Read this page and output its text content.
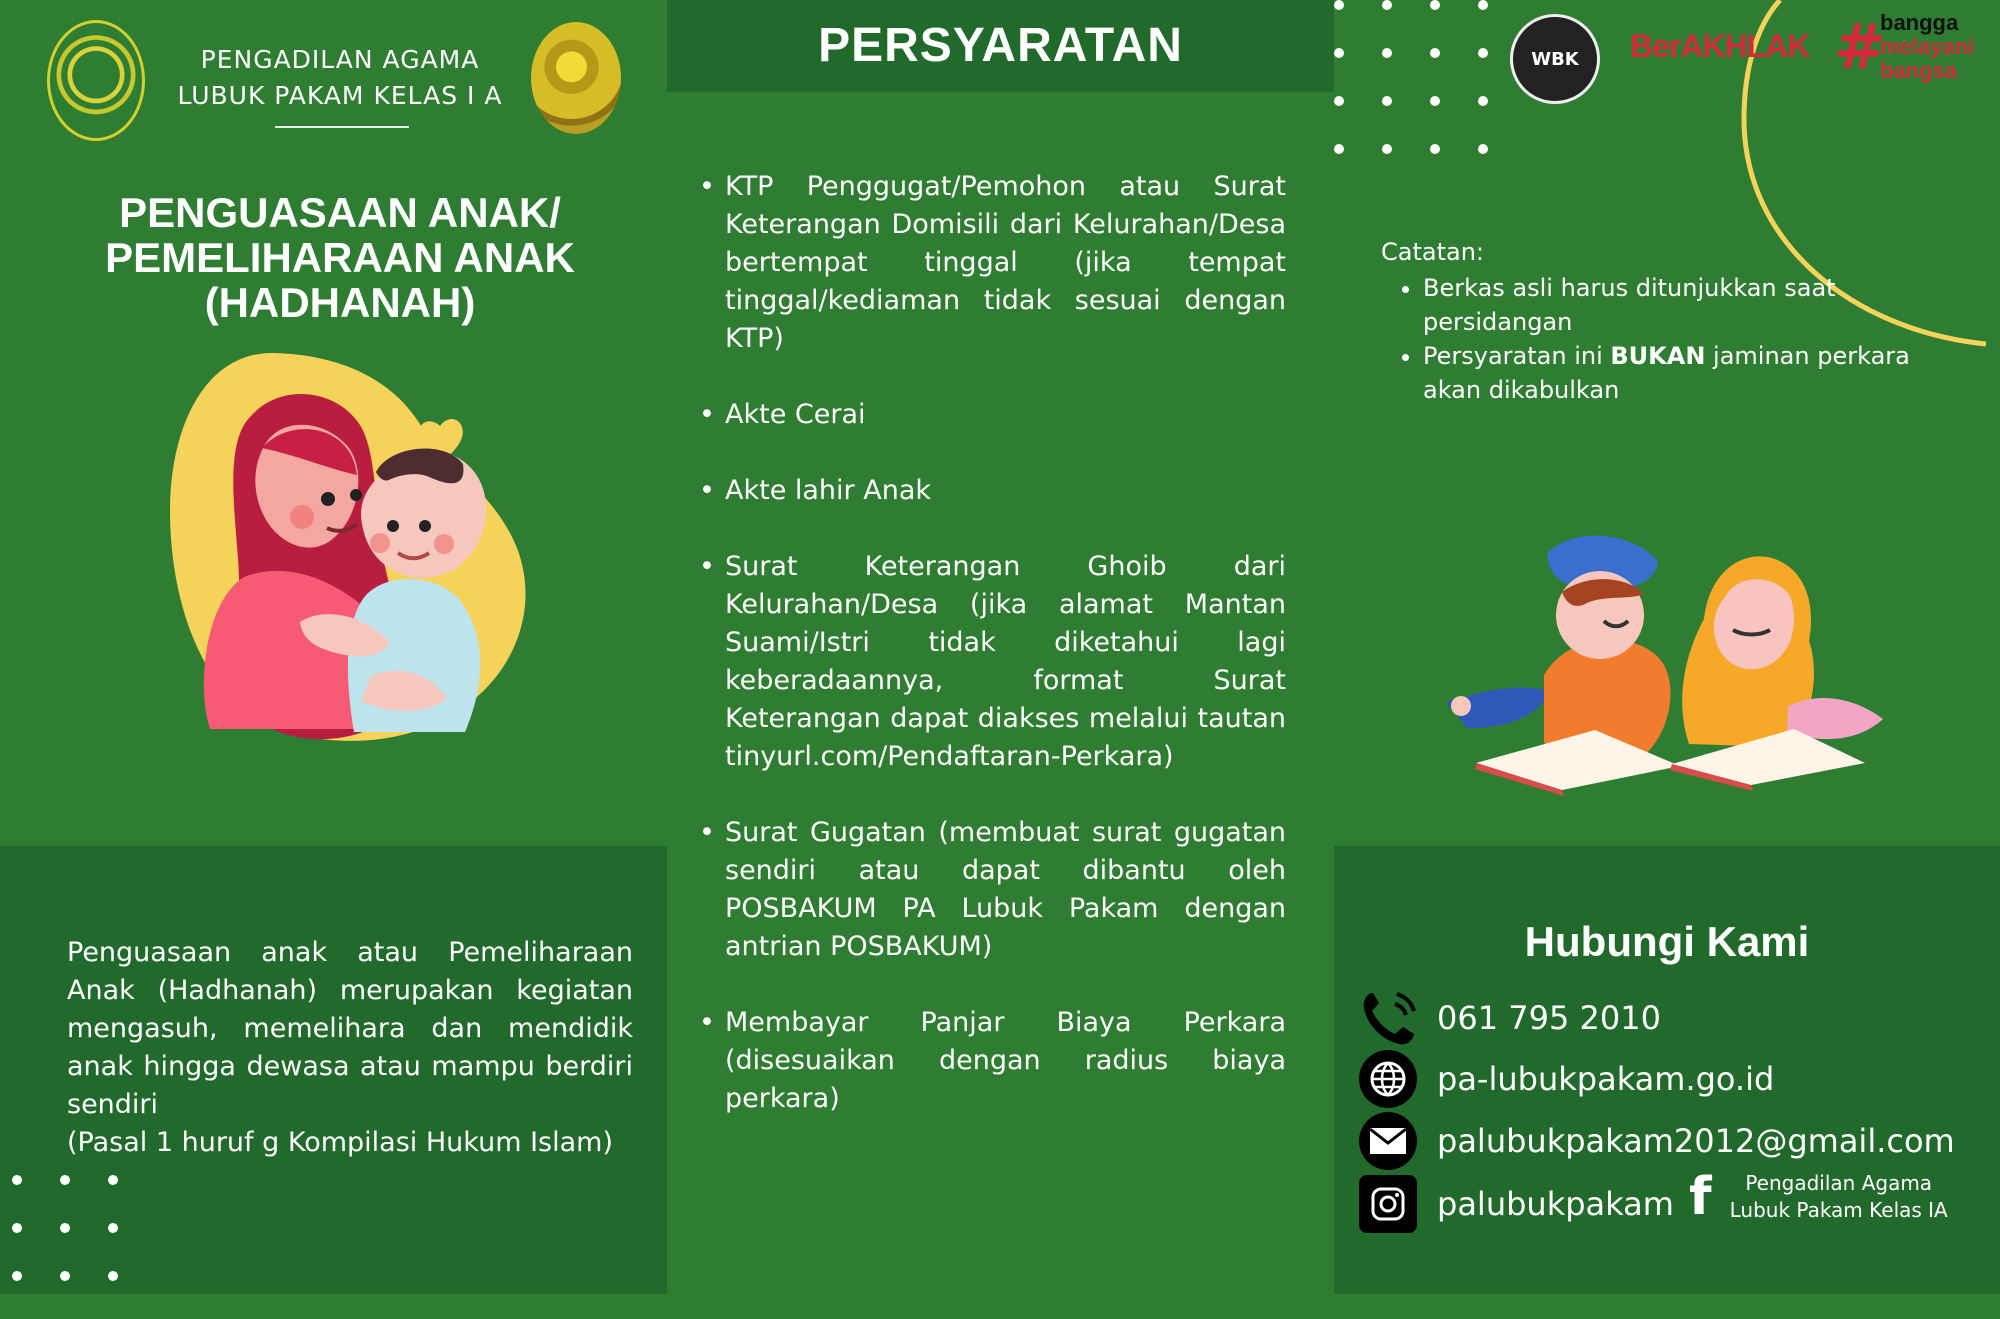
PENGADILAN AGAMA
LUBUK PAKAM KELAS I A
PENGUASAAN ANAK/
PEMELIHARAAN ANAK
(HADHANAH)
Penguasaan anak atau Pemeliharaan Anak (Hadhanah) merupakan kegiatan mengasuh, memelihara dan mendidik anak hingga dewasa atau mampu berdiri sendiri
(Pasal 1 huruf g Kompilasi Hukum Islam)
PERSYARATAN
• KTP Penggugat/Pemohon atau Surat Keterangan Domisili dari Kelurahan/Desa bertempat tinggal (jika tempat tinggal/kediaman tidak sesuai dengan KTP)
• Akte Cerai
• Akte lahir Anak
• Surat Keterangan Ghoib dari Kelurahan/Desa (jika alamat Mantan Suami/Istri tidak diketahui lagi keberadaannya, format Surat Keterangan dapat diakses melalui tautan tinyurl.com/Pendaftaran-Perkara)
• Surat Gugatan (membuat surat gugatan sendiri atau dapat dibantu oleh POSBAKUM PA Lubuk Pakam dengan antrian POSBAKUM)
• Membayar Panjar Biaya Perkara (disesuaikan dengan radius biaya perkara)
WBK BerAKHLAK #
bangga
melayani
bangsa
Catatan:
• Berkas asli harus ditunjukkan saat persidangan
• Persyaratan ini BUKAN jaminan perkara akan dikabulkan
Hubungi Kami
061 795 2010
pa-lubukpakam.go.id
palubukpakam2012@gmail.com
palubukpakam f	Pengadilan Agama
Lubuk Pakam Kelas IA
